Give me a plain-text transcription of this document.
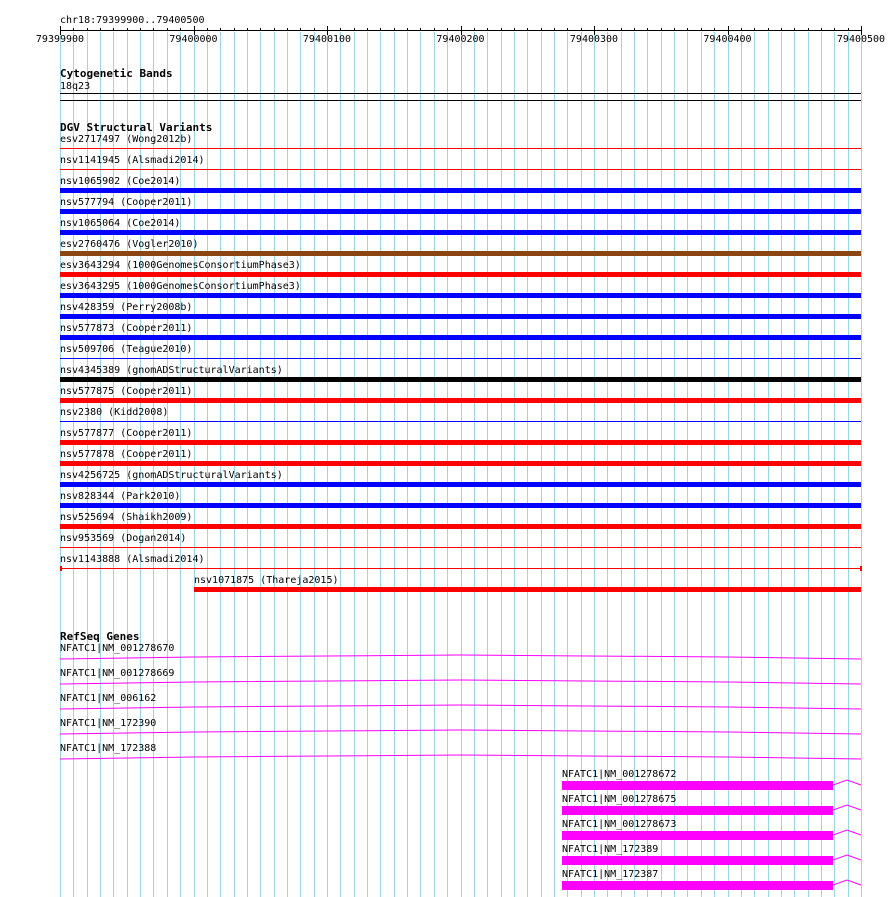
chr18:79399900..79400500
79399900	79400000	79400100	79400200	79400300	79400400	79400500
Cytogenetic Bands
18q23
DGV Structural Variants
esv2717497 (Wong2012b)
nsv1141945 (Alsmadi2014)
nsv1065902 (Coe2014)
nsv577794 (Cooper2011)
nsv1065064 (Coe2014)
esv2760476 (Vogler2010)
esv3643294 (1000GenomesConsortiumPhase3)
esv3643295 (1000GenomesConsortiumPhase3)
nsv428359 (Perry2008b)
nsv577873 (Cooper2011)
nsv509706 (Teague2010)
nsv4345389 (gnomADStructuralVariants)
nsv577875 (Cooper2011)
nsv2380 (Kidd2008)
nsv577877 (Cooper2011)
nsv577878 (Cooper2011)
nsv4256725 (gnomADStructuralVariants)
nsv828344 (Park2010)
nsv525694 (Shaikh2009)
nsv953569 (Dogan2014)
nsv1143888 (Alsmadi2014)
nsv1071875 (Thareja2015)
RefSeq Genes
NFATC1|NM_001278670
NFATC1|NM_001278669
NFATC1|NM_006162
NFATC1|NM_172390
NFATC1|NM_172388
NFATC1|NM_001278672
NFATC1|NM_001278675
NFATC1|NM_001278673
NFATC1|NM_172389
NFATC1|NM_172387
